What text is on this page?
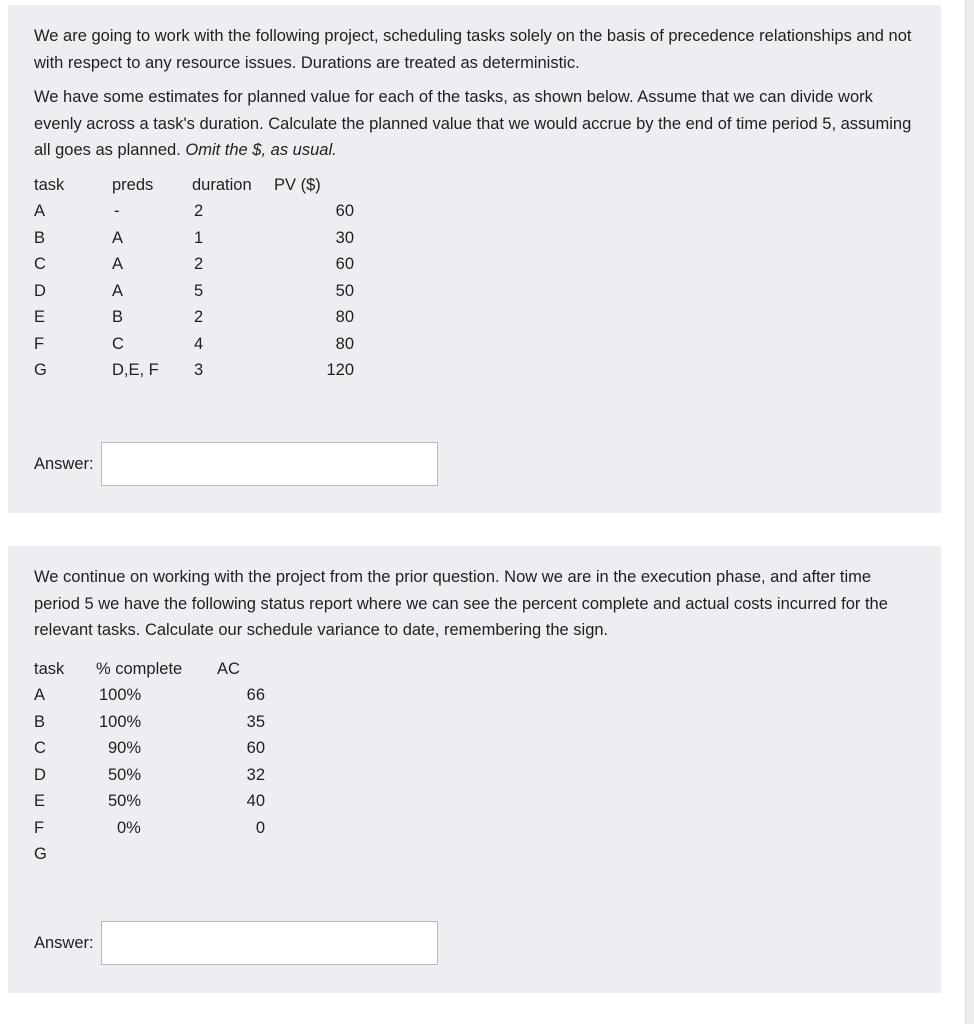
We are going to work with the following project, scheduling tasks solely on the basis of precedence relationships and not with respect to any resource issues. Durations are treated as deterministic.

We have some estimates for planned value for each of the tasks, as shown below. Assume that we can divide work evenly across a task's duration. Calculate the planned value that we would accrue by the end of time period 5, assuming all goes as planned. Omit the $, as usual.

task	preds	duration	PV ($)
A	-	2	60
B	A	1	30
C	A	2	60
D	A	5	50
E	B	2	80
F	C	4	80
G	D,E, F	3	120
Answer:

We continue on working with the project from the prior question. Now we are in the execution phase, and after time period 5 we have the following status report where we can see the percent complete and actual costs incurred for the relevant tasks. Calculate our schedule variance to date, remembering the sign.

task	% complete	AC
A	100%	66
B	100%	35
C	90%	60
D	50%	32
E	50%	40
F	0%	0
G		
Answer:
